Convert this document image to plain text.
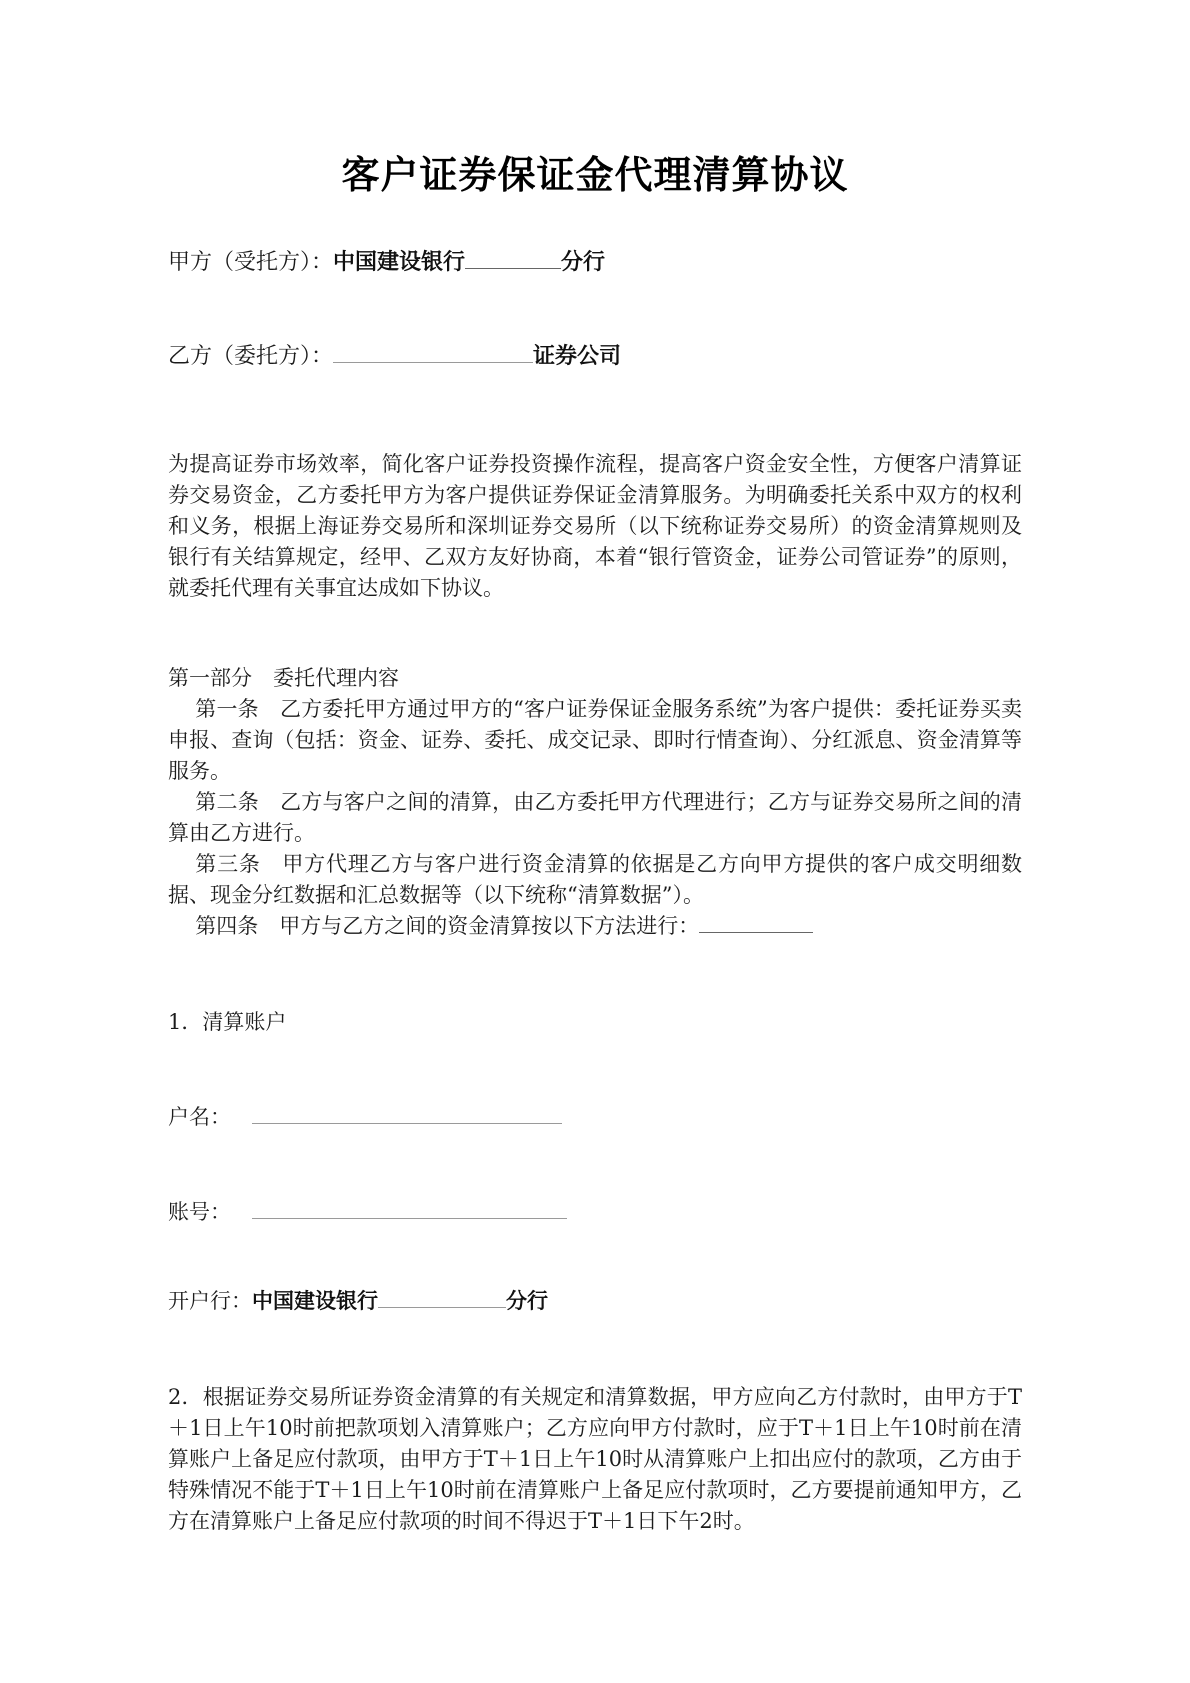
客户证券保证金代理清算协议

甲方（受托方）：中国建设银行	分行

乙方（委托方）：	证券公司

为提高证券市场效率，简化客户证券投资操作流程，提高客户资金安全性，方便客户清算证券交易资金，乙方委托甲方为客户提供证券保证金清算服务。为明确委托关系中双方的权利和义务，根据上海证券交易所和深圳证券交易所（以下统称证券交易所）的资金清算规则及银行有关结算规定，经甲、乙双方友好协商，本着“银行管资金，证券公司管证券”的原则，就委托代理有关事宜达成如下协议。

第一部分　委托代理内容

第一条　乙方委托甲方通过甲方的“客户证券保证金服务系统”为客户提供：委托证券买卖申报、查询（包括：资金、证券、委托、成交记录、即时行情查询）、分红派息、资金清算等服务。

第二条　乙方与客户之间的清算，由乙方委托甲方代理进行；乙方与证券交易所之间的清算由乙方进行。

第三条　甲方代理乙方与客户进行资金清算的依据是乙方向甲方提供的客户成交明细数据、现金分红数据和汇总数据等（以下统称“清算数据”）。

第四条　甲方与乙方之间的资金清算按以下方法进行：

1．清算账户

户名： 

账号： 

开户行：中国建设银行	分行

2．根据证券交易所证券资金清算的有关规定和清算数据，甲方应向乙方付款时，由甲方于T＋1日上午10时前把款项划入清算账户；乙方应向甲方付款时，应于T＋1日上午10时前在清算账户上备足应付款项，由甲方于T＋1日上午10时从清算账户上扣出应付的款项，乙方由于特殊情况不能于T＋1日上午10时前在清算账户上备足应付款项时，乙方要提前通知甲方，乙方在清算账户上备足应付款项的时间不得迟于T＋1日下午2时。
